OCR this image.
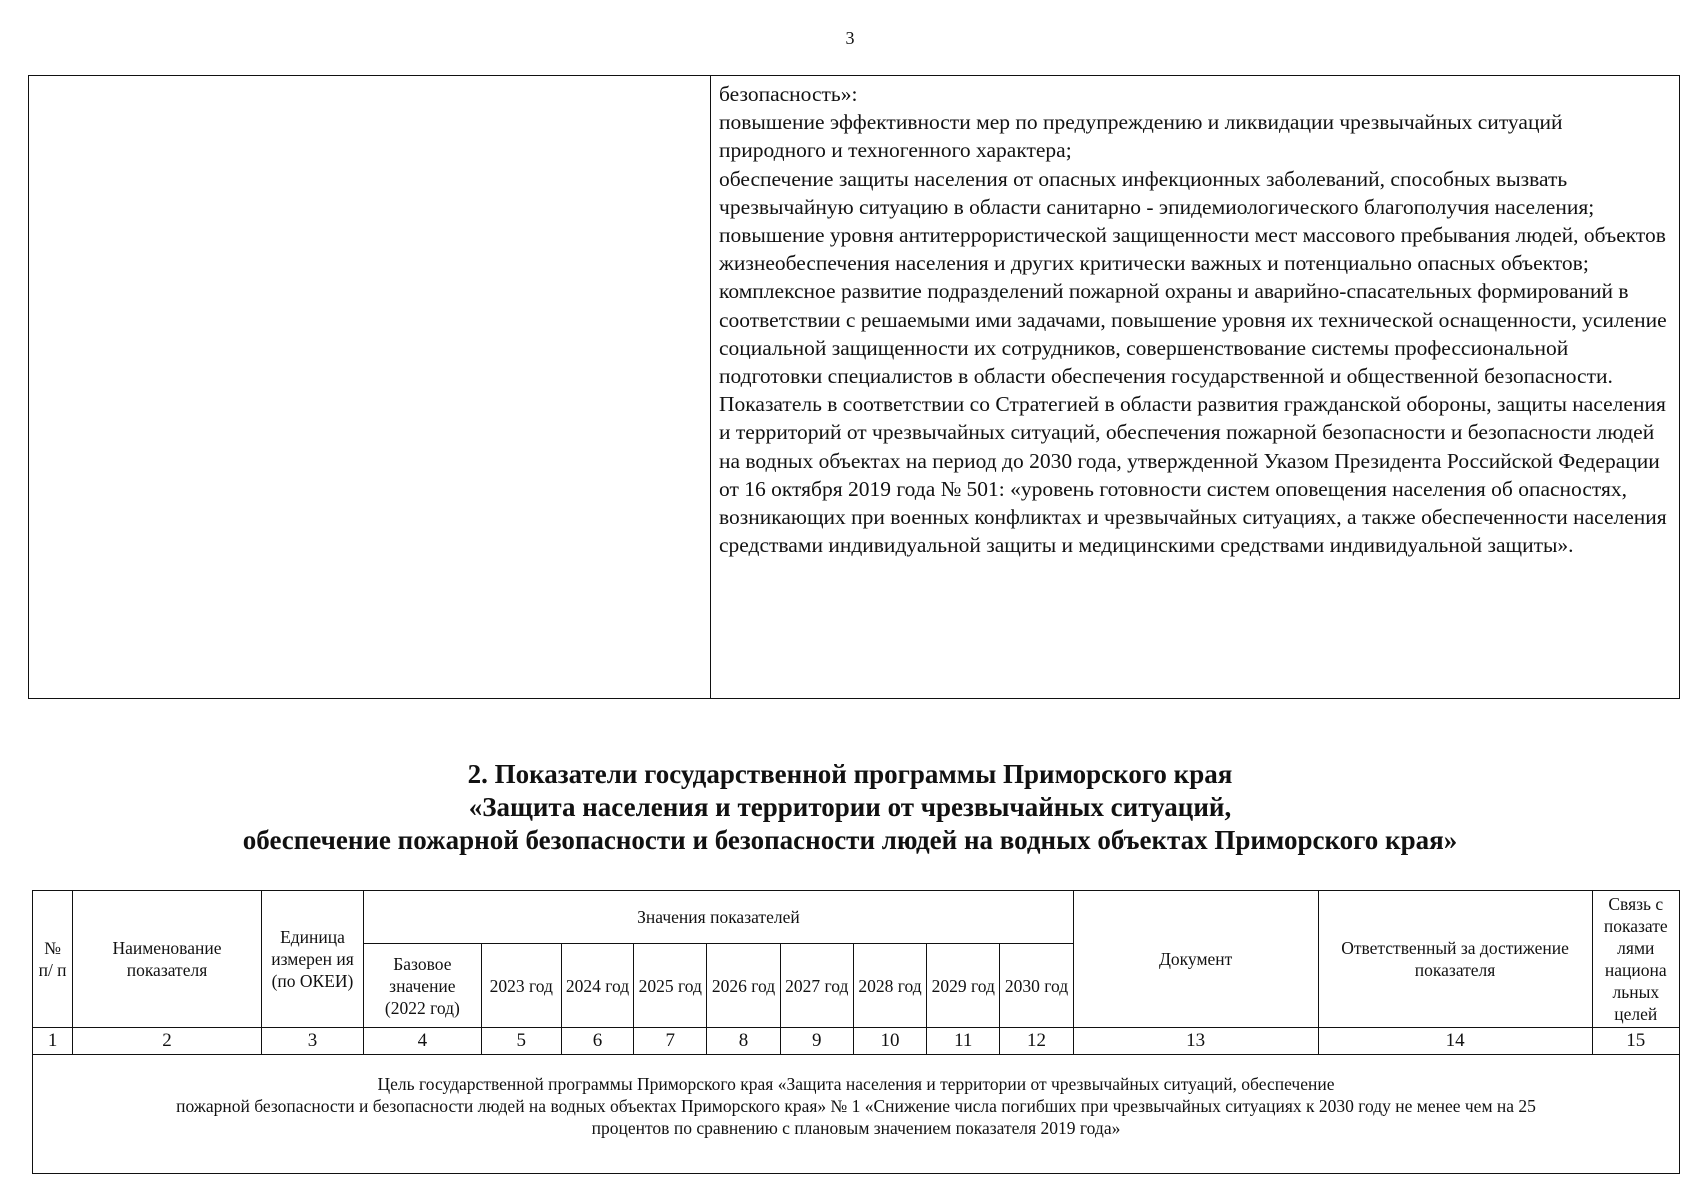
3

безопасность»:

повышение эффективности мер по предупреждению и ликвидации чрезвычайных ситуаций природного и техногенного характера;

обеспечение защиты населения от опасных инфекционных заболеваний, способных вызвать чрезвычайную ситуацию в области санитарно - эпидемиологического благополучия населения;

повышение уровня антитеррористической защищенности мест массового пребывания людей, объектов жизнеобеспечения населения и других критически важных и потенциально опасных объектов;

комплексное развитие подразделений пожарной охраны и аварийно-спасательных формирований в соответствии с решаемыми ими задачами, повышение уровня их технической оснащенности, усиление социальной защищенности их сотрудников, совершенствование системы профессиональной подготовки специалистов в области обеспечения государственной и общественной безопасности.

Показатель в соответствии со Стратегией в области развития гражданской обороны, защиты населения и территорий от чрезвычайных ситуаций, обеспечения пожарной безопасности и безопасности людей на водных объектах на период до 2030 года, утвержденной Указом Президента Российской Федерации от 16 октября 2019 года № 501: «уровень готовности систем оповещения населения об опасностях, возникающих при военных конфликтах и чрезвычайных ситуациях, а также обеспеченности населения средствами индивидуальной защиты и медицинскими средствами индивидуальной защиты».

2. Показатели государственной программы Приморского края
«Защита населения и территории от чрезвычайных ситуаций,
обеспечение пожарной безопасности и безопасности людей на водных объектах Приморского края»
№ п/ п	Наименование показателя	Единица измерен ия (по ОКЕИ)	Значения показателей									Документ	Ответственный за достижение показателя	Связь с показате лями национа льных целей
			Базовое значение (2022 год)	2023 год	2024 год	2025 год	2026 год	2027 год	2028 год	2029 год	2030 год			
1	2	3	4	5	6	7	8	9	10	11	12	13	14	15

Цель государственной программы Приморского края «Защита населения и территории от чрезвычайных ситуаций, обеспечение
пожарной безопасности и безопасности людей на водных объектах Приморского края» № 1 «Снижение числа погибших при чрезвычайных ситуациях к 2030 году не менее чем на 25
процентов по сравнению с плановым значением показателя 2019 года»														
